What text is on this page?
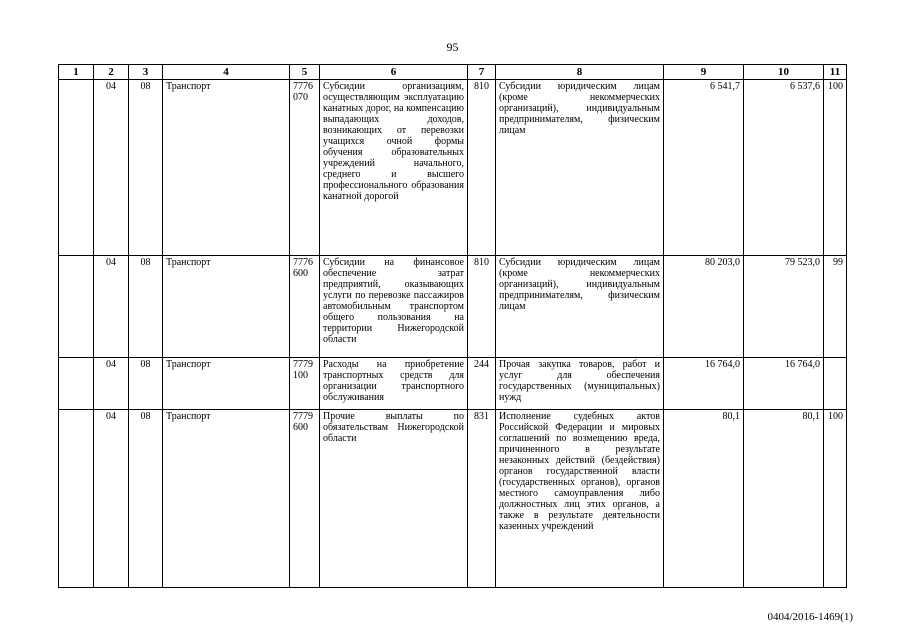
95
1	2	3	4	5	6	7	8	9	10	11
	04	08	Транспорт	7776 070	Субсидии организациям, осуществляющим эксплуатацию канатных дорог, на компенсацию выпадающих доходов, возникающих от перевозки учащихся очной формы обучения образовательных учреждений начального, среднего и высшего профессионального образования канатной дорогой	810	Субсидии юридическим лицам (кроме некоммерческих организаций), индивидуальным предпринимателям, физическим лицам	6 541,7	6 537,6	100
	04	08	Транспорт	7776 600	Субсидии на финансовое обеспечение затрат предприятий, оказывающих услуги по перевозке пассажиров автомобильным транспортом общего пользования на территории Нижегородской области	810	Субсидии юридическим лицам (кроме некоммерческих организаций), индивидуальным предпринимателям, физическим лицам	80 203,0	79 523,0	99
	04	08	Транспорт	7779 100	Расходы на приобретение транспортных средств для организации транспортного обслуживания	244	Прочая закупка товаров, работ и услуг для обеспечения государственных (муниципальных) нужд	16 764,0	16 764,0	
	04	08	Транспорт	7779 600	Прочие выплаты по обязательствам Нижегородской области	831	Исполнение судебных актов Российской Федерации и мировых соглашений по возмещению вреда, причиненного в результате незаконных действий (бездействия) органов государственной власти (государственных органов), органов местного самоуправления либо должностных лиц этих органов, а также в результате деятельности казенных учреждений	80,1	80,1	100
0404/2016-1469(1)
